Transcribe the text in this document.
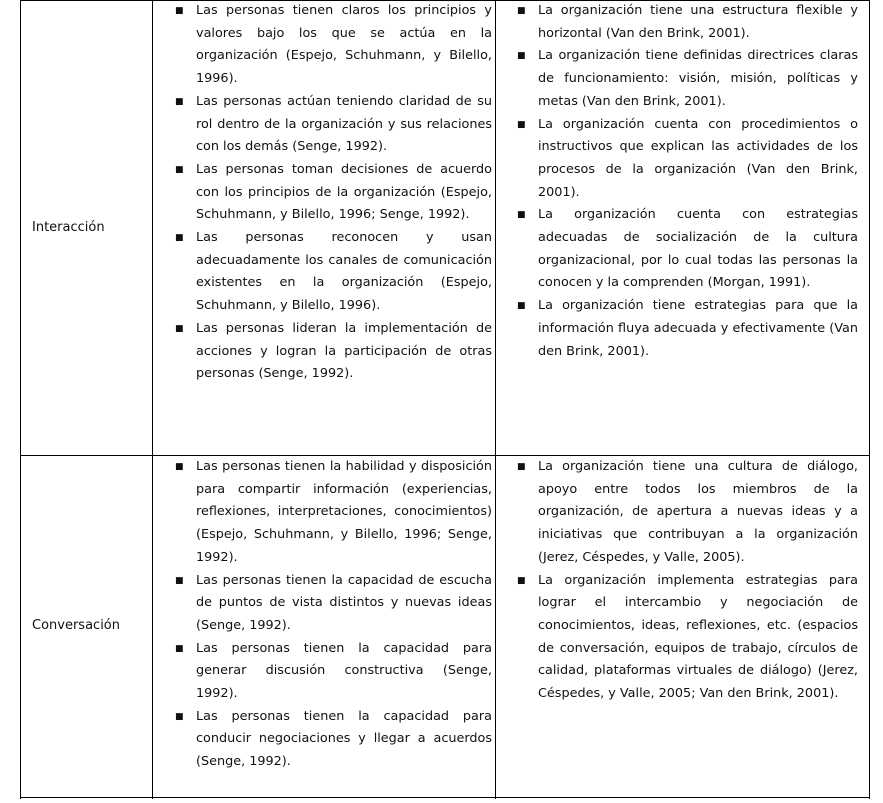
Interacción
■ Las personas tienen claros los principios y valores bajo los que se actúa en la organización (Espejo, Schuhmann, y Bilello, 1996).
■ Las personas actúan teniendo claridad de su rol dentro de la organización y sus relaciones con los demás (Senge, 1992).
■ Las personas toman decisiones de acuerdo con los principios de la organización (Espejo, Schuhmann, y Bilello, 1996; Senge, 1992).
■ Las personas reconocen y usan adecuadamente los canales de comunicación existentes en la organización (Espejo, Schuhmann, y Bilello, 1996).
■ Las personas lideran la implementación de acciones y logran la participación de otras personas (Senge, 1992).
■ La organización tiene una estructura flexible y horizontal (Van den Brink, 2001).
■ La organización tiene definidas directrices claras de funcionamiento: visión, misión, políticas y metas (Van den Brink, 2001).
■ La organización cuenta con procedimientos o instructivos que explican las actividades de los procesos de la organización (Van den Brink, 2001).
■ La organización cuenta con estrategias adecuadas de socialización de la cultura organizacional, por lo cual todas las personas la conocen y la comprenden (Morgan, 1991).
■ La organización tiene estrategias para que la información fluya adecuada y efectivamente (Van den Brink, 2001).
Conversación
■ Las personas tienen la habilidad y disposición para compartir información (experiencias, reflexiones, interpretaciones, conocimientos) (Espejo, Schuhmann, y Bilello, 1996; Senge, 1992).
■ Las personas tienen la capacidad de escucha de puntos de vista distintos y nuevas ideas (Senge, 1992).
■ Las personas tienen la capacidad para generar discusión constructiva (Senge, 1992).
■ Las personas tienen la capacidad para conducir negociaciones y llegar a acuerdos (Senge, 1992).
■ La organización tiene una cultura de diálogo, apoyo entre todos los miembros de la organización, de apertura a nuevas ideas y a iniciativas que contribuyan a la organización (Jerez, Céspedes, y Valle, 2005).
■ La organización implementa estrategias para lograr el intercambio y negociación de conocimientos, ideas, reflexiones, etc. (espacios de conversación, equipos de trabajo, círculos de calidad, plataformas virtuales de diálogo) (Jerez, Céspedes, y Valle, 2005; Van den Brink, 2001).
